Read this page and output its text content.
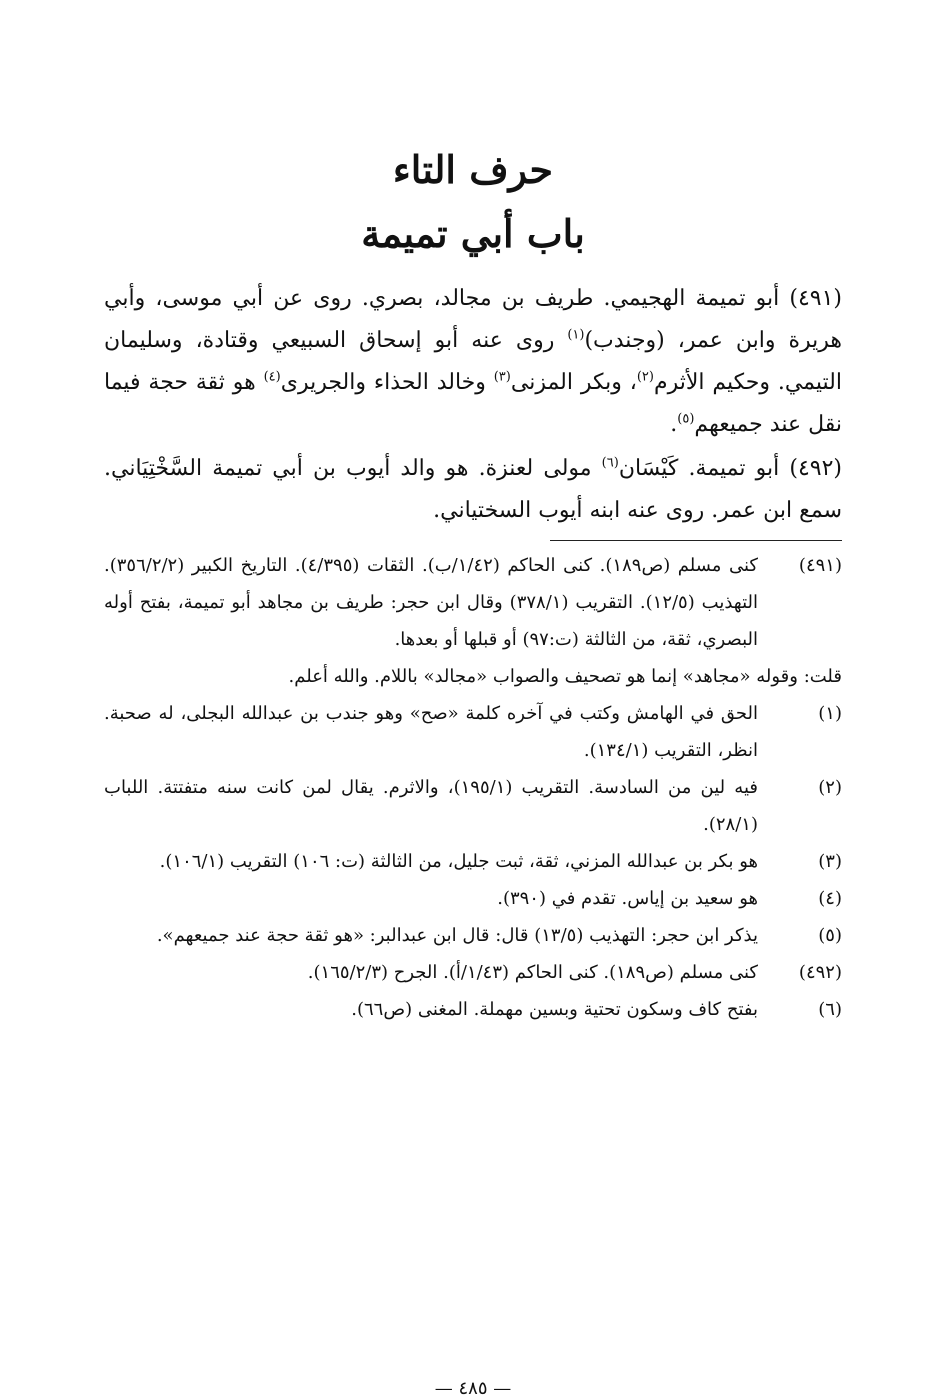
حرف التاء
باب أبي تميمة

(٤٩١) أبو تميمة الهجيمي. طريف بن مجالد، بصري. روى عن أبي موسى، وأبي هريرة وابن عمر، (وجندب)$^{(١)}$ روى عنه أبو إسحاق السبيعي وقتادة، وسليمان التيمي. وحكيم الأثرم$^{(٢)}$، وبكر المزنى$^{(٣)}$ وخالد الحذاء والجريرى$^{(٤)}$ هو ثقة حجة فيما نقل عند جميعهم$^{(٥)}$.

(٤٩٢) أبو تميمة. كَيْسَان$^{(٦)}$ مولى لعنزة. هو والد أيوب بن أبي تميمة السَّخْتِيَاني. سمع ابن عمر. روى عنه ابنه أيوب السختياني.

(٤٩١)
كنى مسلم (ص١٨٩). كنى الحاكم (١/٤٢/ب). الثقات (٤/٣٩٥). التاريخ الكبير (٣٥٦/٢/٢). التهذيب (١٢/٥). التقريب (٣٧٨/١) وقال ابن حجر: طريف بن مجاهد أبو تميمة، بفتح أوله البصري، ثقة، من الثالثة (ت:٩٧) أو قبلها أو بعدها.

قلت: وقوله «مجاهد» إنما هو تصحيف والصواب «مجالد» باللام. والله أعلم.

(١)
الحق في الهامش وكتب في آخره كلمة «صح» وهو جندب بن عبدالله البجلى، له صحبة. انظر، التقريب (١٣٤/١).
(٢)
فيه لين من السادسة. التقريب (١٩٥/١)، والاثرم. يقال لمن كانت سنه متفتتة. اللباب (٢٨/١).
(٣)
هو بكر بن عبدالله المزني، ثقة، ثبت جليل، من الثالثة (ت: ١٠٦) التقريب (١٠٦/١).
(٤)
هو سعيد بن إياس. تقدم في (٣٩٠).
(٥)
يذكر ابن حجر: التهذيب (١٣/٥) قال: قال ابن عبدالبر: «هو ثقة حجة عند جميعهم».
(٤٩٢)
كنى مسلم (ص١٨٩). كنى الحاكم (١/٤٣/أ). الجرح (١٦٥/٢/٣).
(٦)
بفتح كاف وسكون تحتية وبسين مهملة. المغنى (ص٦٦).
— ٤٨٥ —
